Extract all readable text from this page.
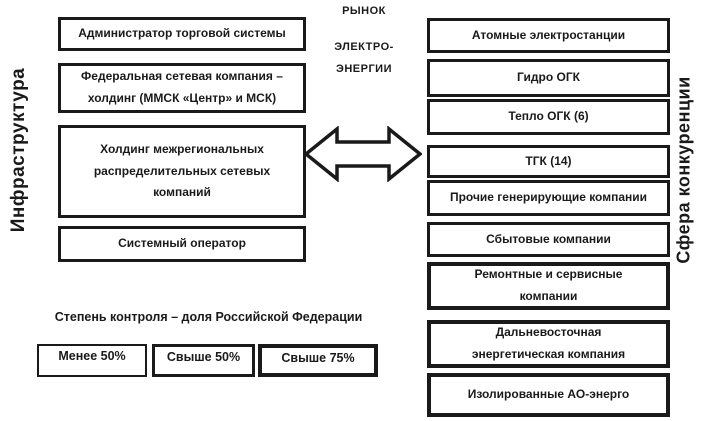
Инфраструктура	Сфера конкуренции
РЫНОК
ЭЛЕКТРО-
ЭНЕРГИИ
Администратор торговой системы
Федеральная сетевая компания – холдинг (ММСК «Центр» и МСК)
Холдинг межрегиональных распределительных сетевых компаний
Системный оператор
Атомные электростанции
Гидро ОГК
Тепло ОГК (6)
ТГК (14)
Прочие генерирующие компании
Сбытовые компании
Ремонтные и сервисные компании
Дальневосточная энергетическая компания
Изолированные АО-энерго
Степень контроля – доля Российской Федерации
Менее 50%	Свыше 50%	Свыше 75%
